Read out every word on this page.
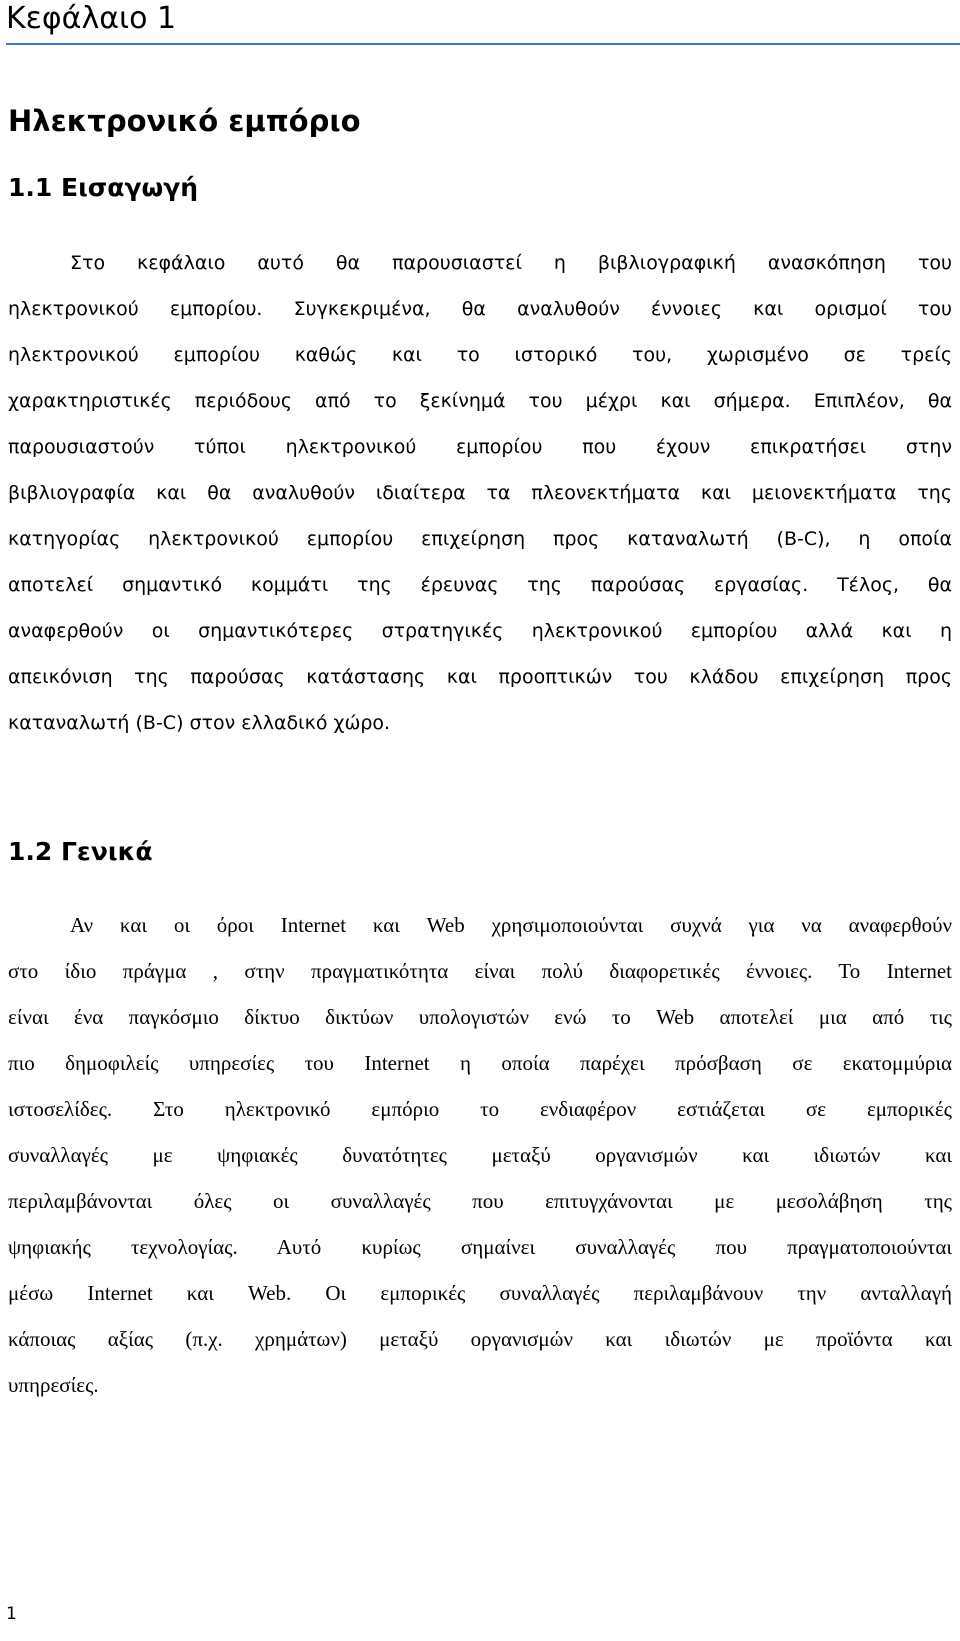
Κεφάλαιο 1
Ηλεκτρονικό εμπόριο
1.1 Εισαγωγή
Στο κεφάλαιο αυτό θα παρουσιαστεί η βιβλιογραφική ανασκόπηση του
ηλεκτρονικού εμπορίου. Συγκεκριμένα, θα αναλυθούν έννοιες και ορισμοί του
ηλεκτρονικού εμπορίου καθώς και το ιστορικό του, χωρισμένο σε τρείς
χαρακτηριστικές περιόδους από το ξεκίνημά του μέχρι και σήμερα. Επιπλέον, θα
παρουσιαστούν τύποι ηλεκτρονικού εμπορίου που έχουν επικρατήσει στην
βιβλιογραφία και θα αναλυθούν ιδιαίτερα τα πλεονεκτήματα και μειονεκτήματα της
κατηγορίας ηλεκτρονικού εμπορίου επιχείρηση προς καταναλωτή (B-C), η οποία
αποτελεί σημαντικό κομμάτι της έρευνας της παρούσας εργασίας. Τέλος, θα
αναφερθούν οι σημαντικότερες στρατηγικές ηλεκτρονικού εμπορίου αλλά και η
απεικόνιση της παρούσας κατάστασης και προοπτικών του κλάδου επιχείρηση προς
καταναλωτή (B-C) στον ελλαδικό χώρο.
1.2 Γενικά
Αν και οι όροι Internet και Web χρησιμοποιούνται συχνά για να αναφερθούν
στο ίδιο πράγμα , στην πραγματικότητα είναι πολύ διαφορετικές έννοιες. Το Internet
είναι ένα παγκόσμιο δίκτυο δικτύων υπολογιστών ενώ το Web αποτελεί μια από τις
πιο δημοφιλείς υπηρεσίες του Internet η οποία παρέχει πρόσβαση σε εκατομμύρια
ιστοσελίδες. Στο ηλεκτρονικό εμπόριο το ενδιαφέρον εστιάζεται σε εμπορικές
συναλλαγές με ψηφιακές δυνατότητες μεταξύ οργανισμών και ιδιωτών και
περιλαμβάνονται όλες οι συναλλαγές που επιτυγχάνονται με μεσολάβηση της
ψηφιακής τεχνολογίας. Αυτό κυρίως σημαίνει συναλλαγές που πραγματοποιούνται
μέσω Internet και Web. Οι εμπορικές συναλλαγές περιλαμβάνουν την ανταλλαγή
κάποιας αξίας (π.χ. χρημάτων) μεταξύ οργανισμών και ιδιωτών με προϊόντα και
υπηρεσίες.
1
